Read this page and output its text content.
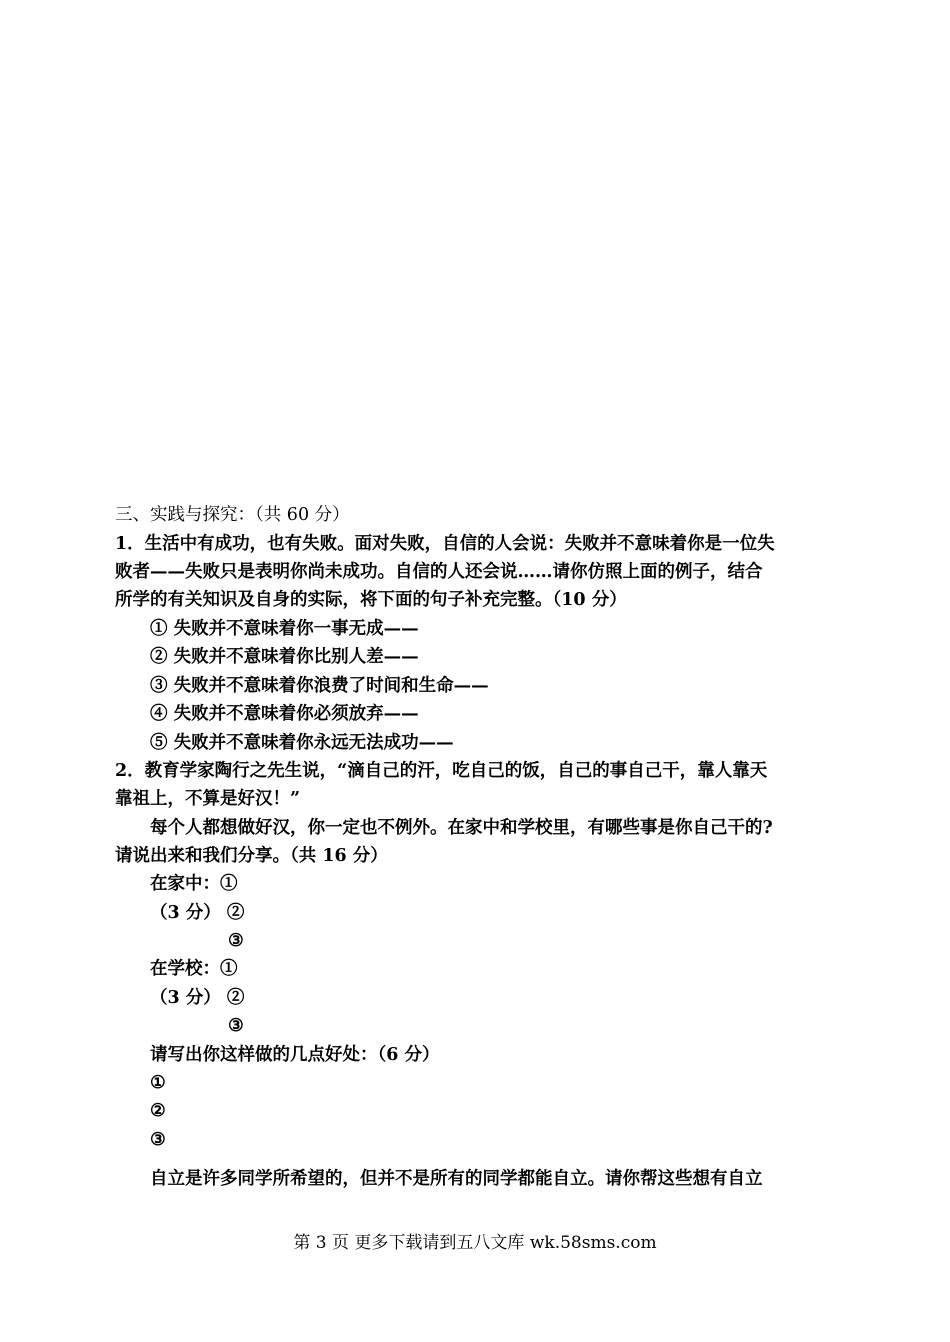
三、实践与探究：（共 60 分）
1．生活中有成功，也有失败。面对失败，自信的人会说：失败并不意味着你是一位失
败者——失败只是表明你尚未成功。自信的人还会说……请你仿照上面的例子，结合
所学的有关知识及自身的实际，将下面的句子补充完整。（10 分）
① 失败并不意味着你一事无成——
② 失败并不意味着你比别人差——
③ 失败并不意味着你浪费了时间和生命——
④ 失败并不意味着你必须放弃——
⑤ 失败并不意味着你永远无法成功——
2．教育学家陶行之先生说，“滴自己的汗，吃自己的饭，自己的事自己干，靠人靠天
靠祖上，不算是好汉！”
每个人都想做好汉，你一定也不例外。在家中和学校里，有哪些事是你自己干的?
请说出来和我们分享。（共 16 分）
在家中：①
（3 分） ②
③
在学校：①
（3 分） ②
③
请写出你这样做的几点好处：（6 分）
①
②
③
自立是许多同学所希望的，但并不是所有的同学都能自立。请你帮这些想有自立
第 3 页 更多下载请到五八文库 wk.58sms.com
